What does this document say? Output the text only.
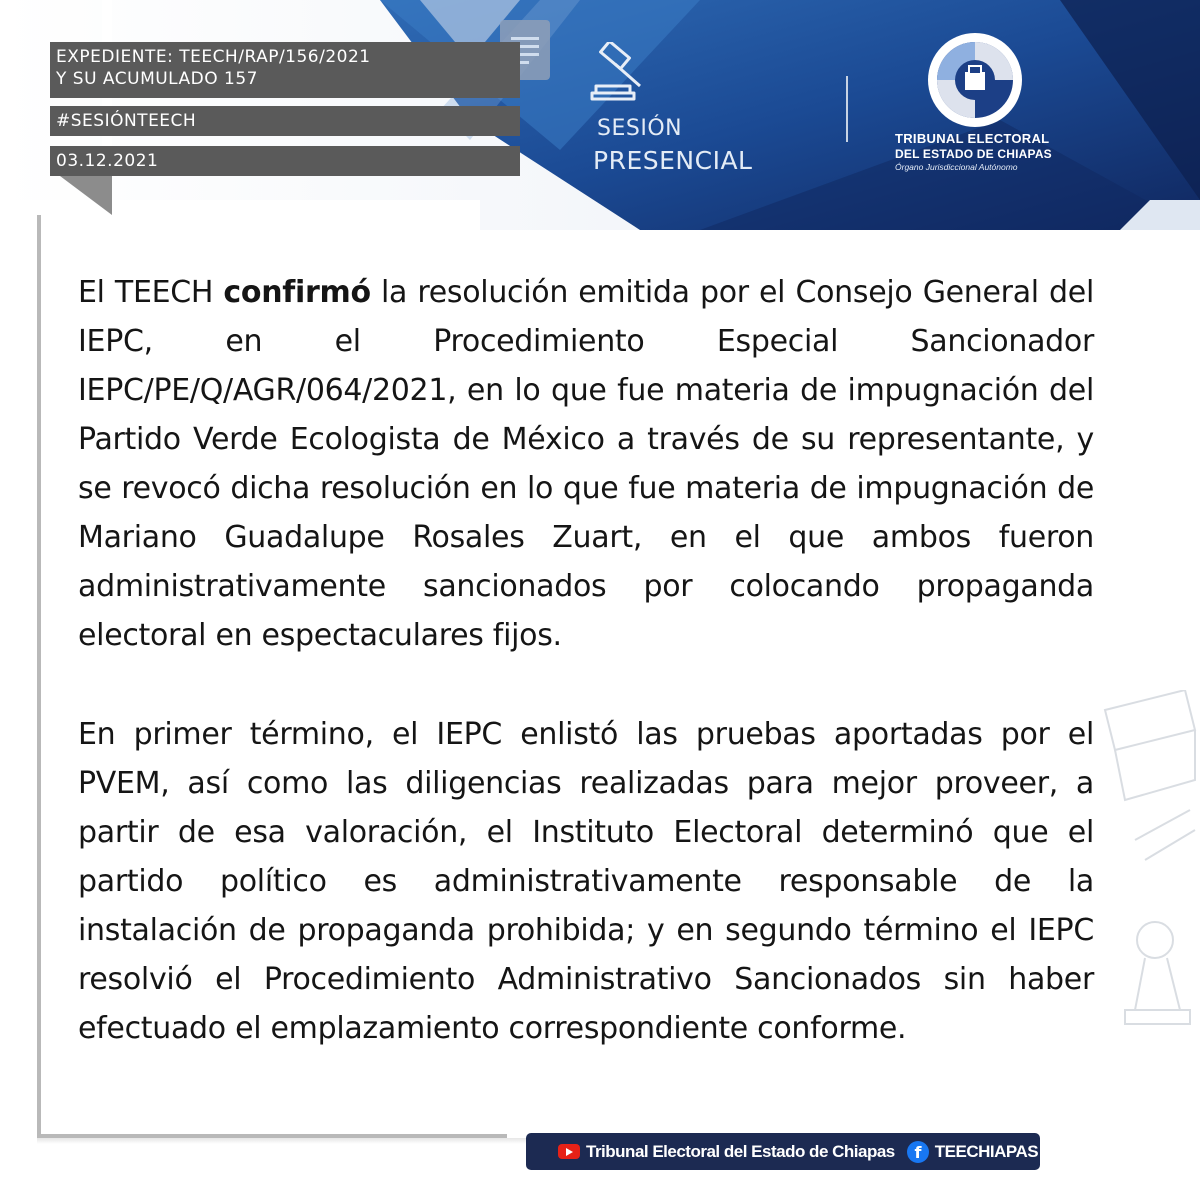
EXPEDIENTE: TEECH/RAP/156/2021
Y SU ACUMULADO 157
#SESIÓNTEECH
03.12.2021
SESIÓN
PRESENCIAL
TRIBUNAL ELECTORAL
DEL ESTADO DE CHIAPAS
Órgano Jurisdiccional Autónomo
El TEECH confirmó la resolución emitida por el Consejo General del IEPC, en el Procedimiento Especial Sancionador IEPC/PE/Q/AGR/064/2021, en lo que fue materia de impugnación del Partido Verde Ecologista de México a través de su representante, y se revocó dicha resolución en lo que fue materia de impugnación de Mariano Guadalupe Rosales Zuart, en el que ambos fueron administrativamente sancionados por colocando propaganda electoral en espectaculares fijos.
En primer término, el IEPC enlistó las pruebas aportadas por el PVEM, así como las diligencias realizadas para mejor proveer, a partir de esa valoración, el Instituto Electoral determinó que el partido político es administrativamente responsable de la instalación de propaganda prohibida; y en segundo término el IEPC resolvió el Procedimiento Administrativo Sancionados sin haber efectuado el emplazamiento correspondiente conforme.
Tribunal Electoral del Estado de Chiapas	f TEECHIAPAS
